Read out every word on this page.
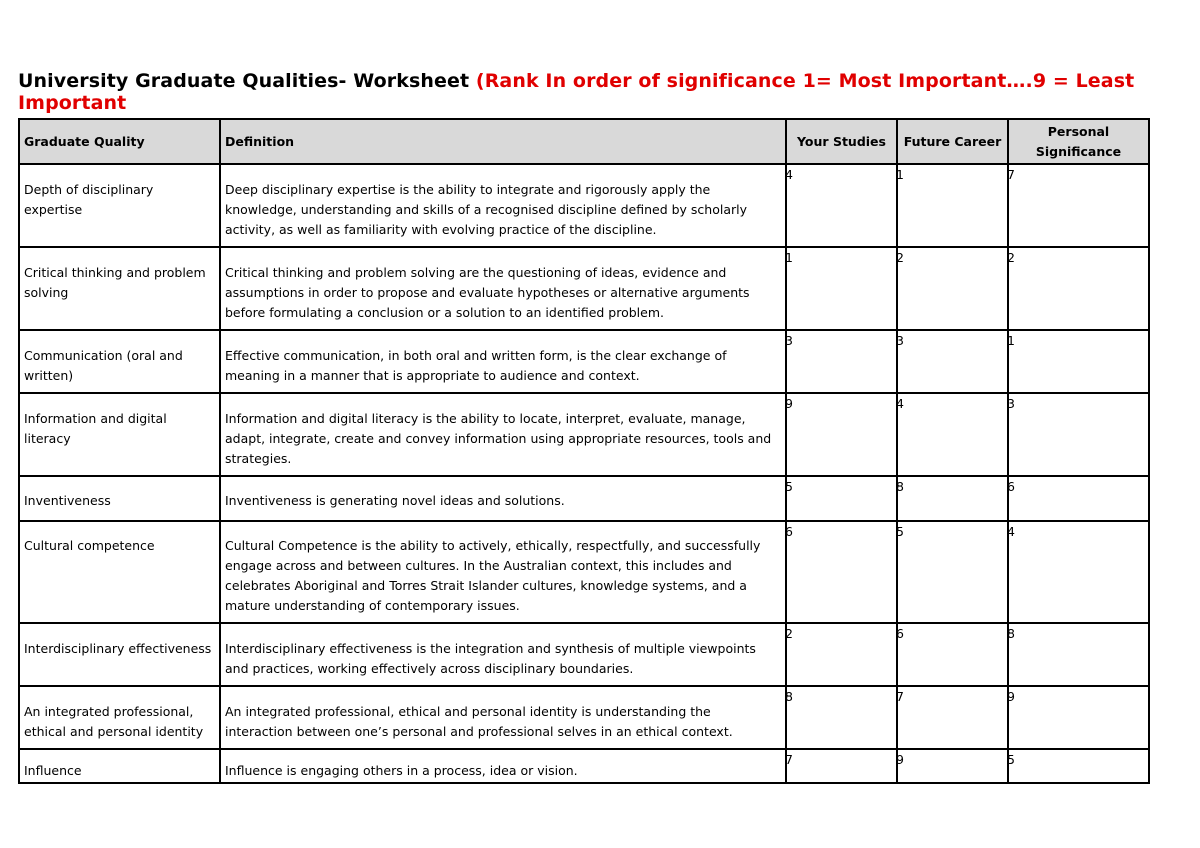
University Graduate Qualities- Worksheet (Rank In order of significance 1= Most Important….9 = Least Important
Graduate Quality	Definition	Your Studies	Future Career	Personal Significance
Depth of disciplinary expertise	Deep disciplinary expertise is the ability to integrate and rigorously apply the knowledge, understanding and skills of a recognised discipline defined by scholarly activity, as well as familiarity with evolving practice of the discipline.	4	1	7
Critical thinking and problem solving	Critical thinking and problem solving are the questioning of ideas, evidence and assumptions in order to propose and evaluate hypotheses or alternative arguments before formulating a conclusion or a solution to an identified problem.	1	2	2
Communication (oral and written)	Effective communication, in both oral and written form, is the clear exchange of meaning in a manner that is appropriate to audience and context.	3	3	1
Information and digital literacy	Information and digital literacy is the ability to locate, interpret, evaluate, manage, adapt, integrate, create and convey information using appropriate resources, tools and strategies.	9	4	3
Inventiveness	Inventiveness is generating novel ideas and solutions.	5	8	6
Cultural competence	Cultural Competence is the ability to actively, ethically, respectfully, and successfully engage across and between cultures. In the Australian context, this includes and celebrates Aboriginal and Torres Strait Islander cultures, knowledge systems, and a mature understanding of contemporary issues.	6	5	4
Interdisciplinary effectiveness	Interdisciplinary effectiveness is the integration and synthesis of multiple viewpoints and practices, working effectively across disciplinary boundaries.	2	6	8
An integrated professional, ethical and personal identity	An integrated professional, ethical and personal identity is understanding the interaction between one’s personal and professional selves in an ethical context.	8	7	9
Influence	Influence is engaging others in a process, idea or vision.	7	9	5
